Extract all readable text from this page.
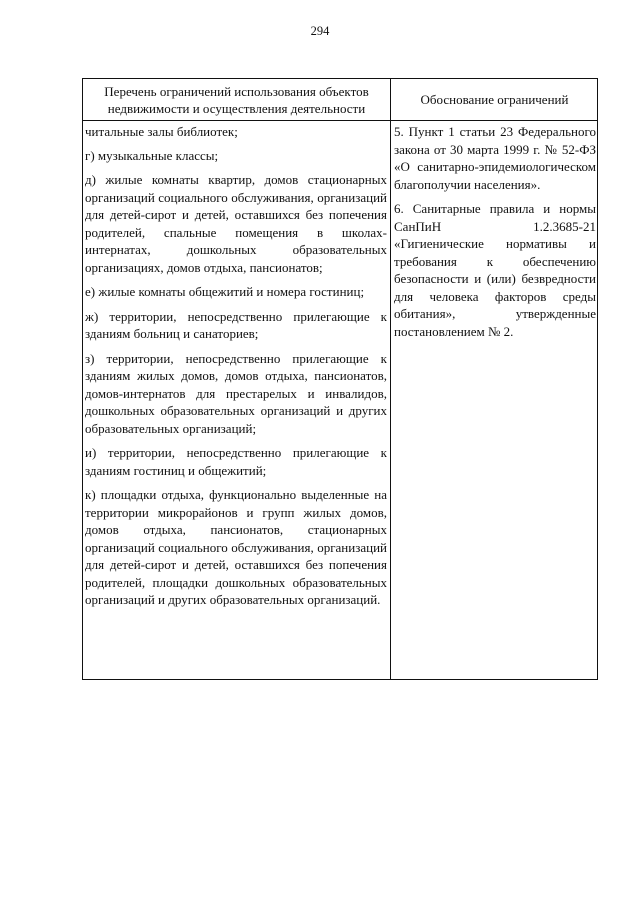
294
Перечень ограничений использования объектов недвижимости и осуществления деятельности
Обоснование ограничений

читальные залы библиотек;

г) музыкальные классы;

д) жилые комнаты квартир, домов стационарных организаций социального обслуживания, организаций для детей-сирот и детей, оставшихся без попечения родителей, спальные помещения в школах-интернатах, дошкольных образовательных организациях, домов отдыха, пансионатов;

е) жилые комнаты общежитий и номера гостиниц;

ж) территории, непосредственно прилегающие к зданиям больниц и санаториев;

з) территории, непосредственно прилегающие к зданиям жилых домов, домов отдыха, пансионатов, домов-интернатов для престарелых и инвалидов, дошкольных образовательных организаций и других образовательных организаций;

и) территории, непосредственно прилегающие к зданиям гостиниц и общежитий;

к) площадки отдыха, функционально выделенные на территории микрорайонов и групп жилых домов, домов отдыха, пансионатов, стационарных организаций социального обслуживания, организаций для детей-сирот и детей, оставшихся без попечения родителей, площадки дошкольных образовательных организаций и других образовательных организаций.

5. Пункт 1 статьи 23 Федерального закона от 30 марта 1999 г. № 52-ФЗ «О санитарно-эпидемиологическом благополучии населения».

6. Санитарные правила и нормы СанПиН 1.2.3685-21 «Гигиенические нормативы и требования к обеспечению безопасности и (или) безвредности для человека факторов среды обитания», утвержденные постановлением № 2.
